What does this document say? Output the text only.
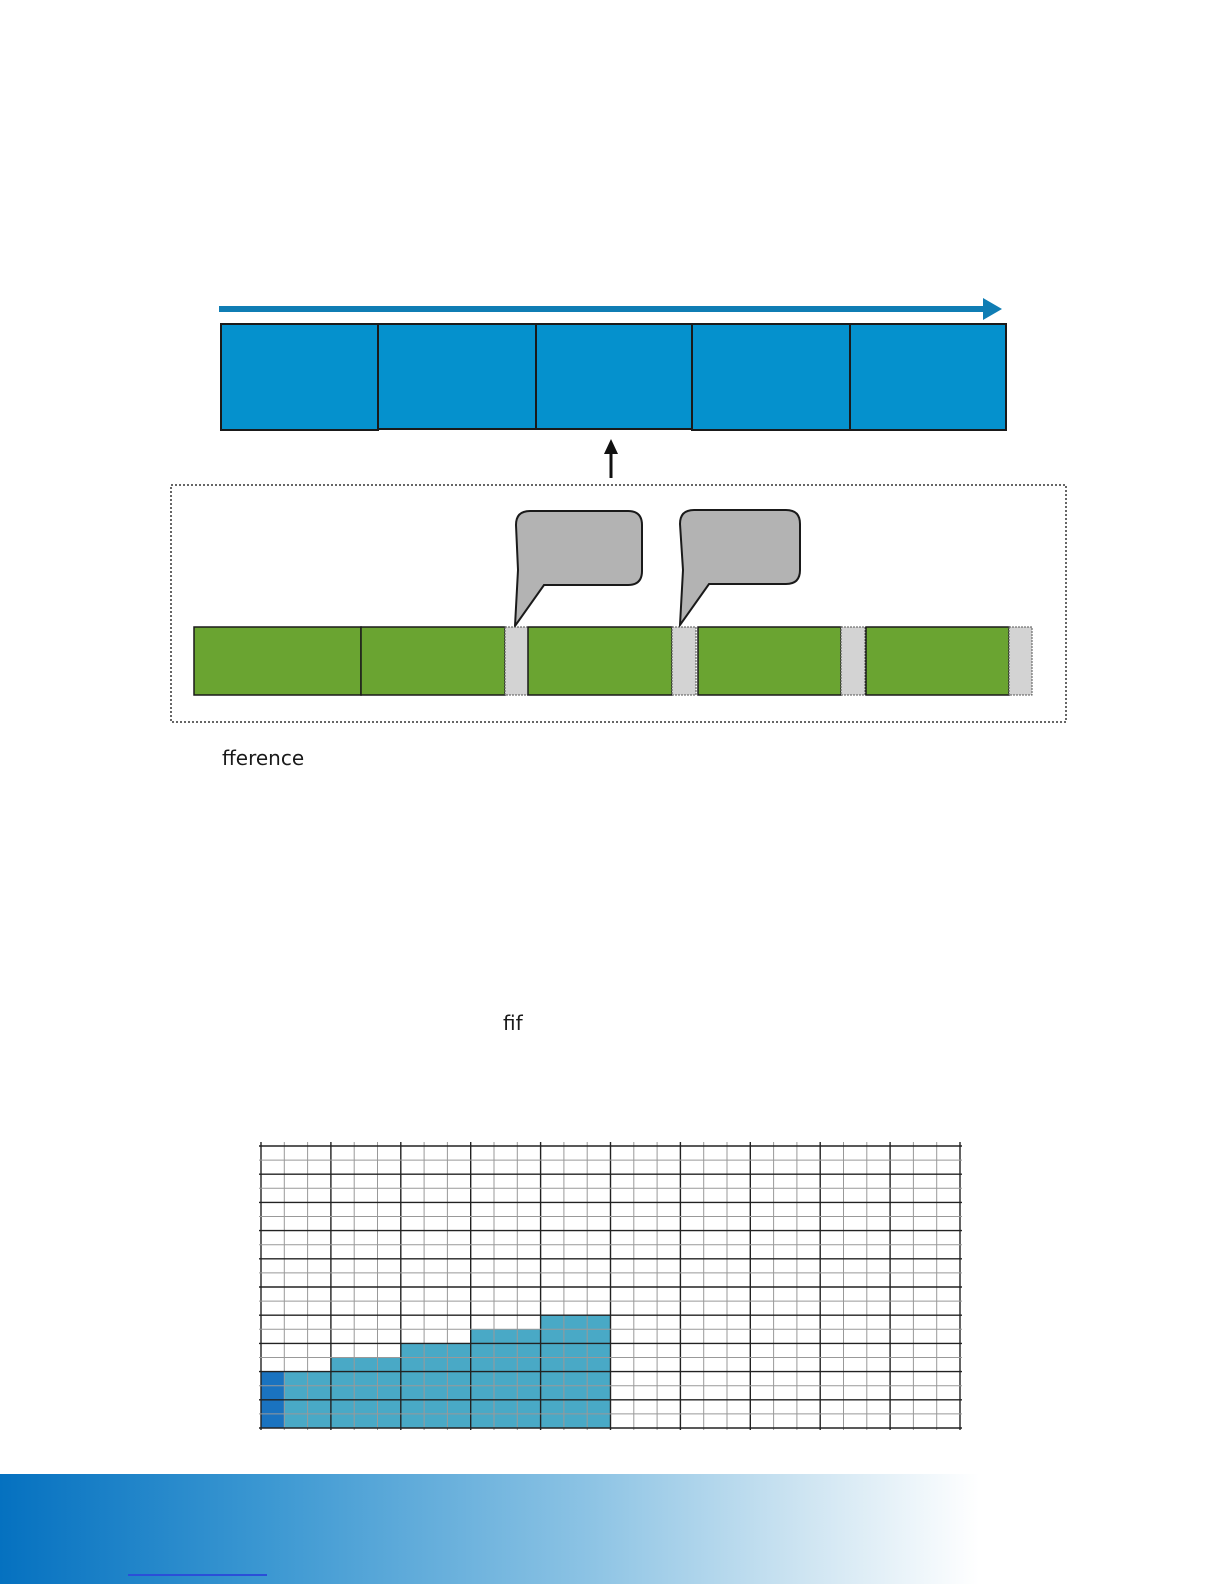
fference
fif
